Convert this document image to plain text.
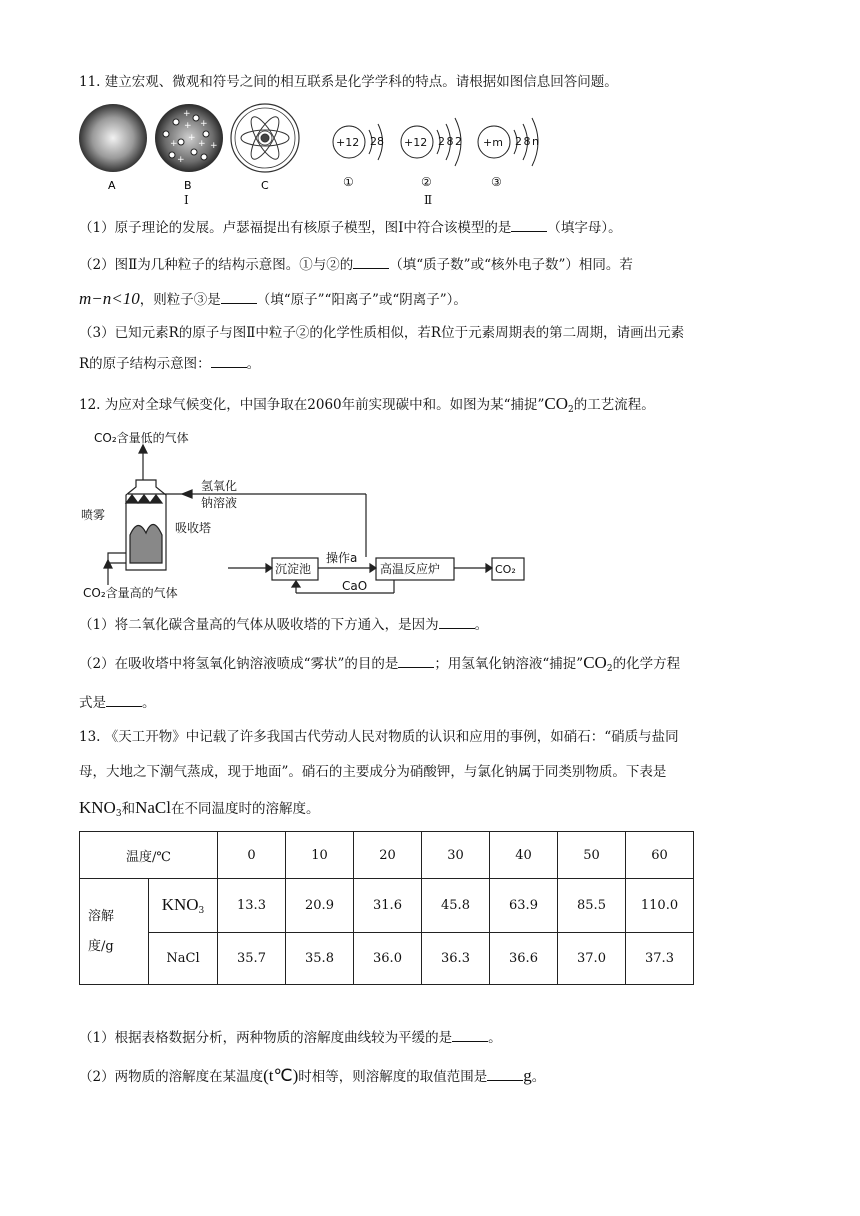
11. 建立宏观、微观和符号之间的相互联系是化学学科的特点。请根据如图信息回答问题。
+ +
+
+
+
+ +
+
A	B	C
Ⅰ
+12	+12	+m
2 8	2 8 2	2 8 n
①	②	③
Ⅱ
（1）原子理论的发展。卢瑟福提出有核原子模型，图Ⅰ中符合该模型的是	（填字母）。
（2）图Ⅱ为几种粒子的结构示意图。①与②的	（填“质子数”或“核外电子数”）相同。若
m−n<10，则粒子③是	（填“原子”“阳离子”或“阴离子”）。
（3）已知元素R的原子与图Ⅱ中粒子②的化学性质相似，若R位于元素周期表的第二周期，请画出元素
R的原子结构示意图：	。
12. 为应对全球气候变化，中国争取在2060年前实现碳中和。如图为某“捕捉$”CO_2$的工艺流程。
CO₂含量低的气体
氢氧化
钠溶液
喷雾
吸收塔
CO₂含量高的气体
沉淀池
操作a
高温反应炉
CaO
CO₂
（1）将二氧化碳含量高的气体从吸收塔的下方通入，是因为	。
（2）在吸收塔中将氢氧化钠溶液喷成“雾状”的目的是	；用氢氧化钠溶液“捕捉$”CO_2$的化学方程
式是	。
13. 《天工开物》中记载了许多我国古代劳动人民对物质的认识和应用的事例，如硝石：“硝质与盐同
母，大地之下潮气蒸成，现于地面”。硝石的主要成分为硝酸钾，与氯化钠属于同类别物质。下表是
$KNO_3$和NaCl在不同温度时的溶解度。
温度/℃		0	10	20	30	40	50	60
溶解
度/g	$KNO_3$	13.3	20.9	31.6	45.8	63.9	85.5	110.0
	NaCl	35.7	35.8	36.0	36.3	36.6	37.0	37.3
（1）根据表格数据分析，两种物质的溶解度曲线较为平缓的是	。
（2）两物质的溶解度在某温度(t℃)时相等，则溶解度的取值范围是 g。
